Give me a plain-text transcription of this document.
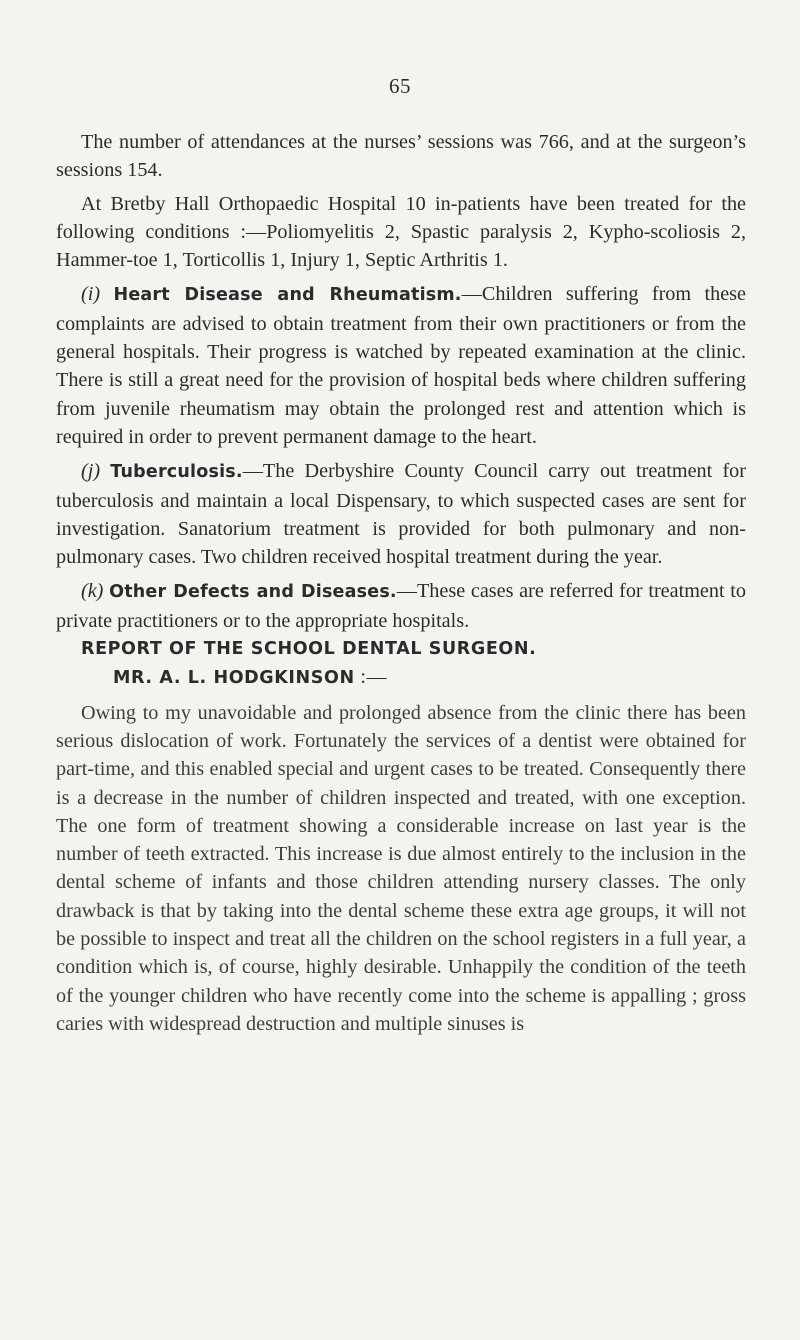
65

The number of attendances at the nurses’ sessions was 766, and at the surgeon’s sessions 154.

At Bretby Hall Orthopaedic Hospital 10 in-patients have been treated for the following conditions :—Poliomyelitis 2, Spastic paralysis 2, Kypho-scoliosis 2, Hammer-toe 1, Torticollis 1, Injury 1, Septic Arthritis 1.

(i) Heart Disease and Rheumatism.—Children suffering from these complaints are advised to obtain treatment from their own practitioners or from the general hospitals. Their progress is watched by repeated examination at the clinic. There is still a great need for the provision of hospital beds where children suffering from juvenile rheumatism may obtain the prolonged rest and attention which is required in order to prevent permanent damage to the heart.

(j) Tuberculosis.—The Derbyshire County Council carry out treatment for tuberculosis and maintain a local Dispensary, to which suspected cases are sent for investigation. Sanatorium treatment is provided for both pulmonary and non-pulmonary cases. Two children received hospital treatment during the year.

(k) Other Defects and Diseases.—These cases are referred for treatment to private practitioners or to the appropriate hospitals.

REPORT OF THE SCHOOL DENTAL SURGEON.

MR. A. L. HODGKINSON :—

Owing to my unavoidable and prolonged absence from the clinic there has been serious dislocation of work. Fortunately the services of a dentist were obtained for part-time, and this enabled special and urgent cases to be treated. Consequently there is a decrease in the number of children inspected and treated, with one exception. The one form of treatment showing a considerable increase on last year is the number of teeth extracted. This increase is due almost entirely to the inclusion in the dental scheme of infants and those children attending nursery classes. The only drawback is that by taking into the dental scheme these extra age groups, it will not be possible to inspect and treat all the children on the school registers in a full year, a condition which is, of course, highly desirable. Unhappily the condition of the teeth of the younger children who have recently come into the scheme is appalling ; gross caries with widespread destruction and multiple sinuses is
